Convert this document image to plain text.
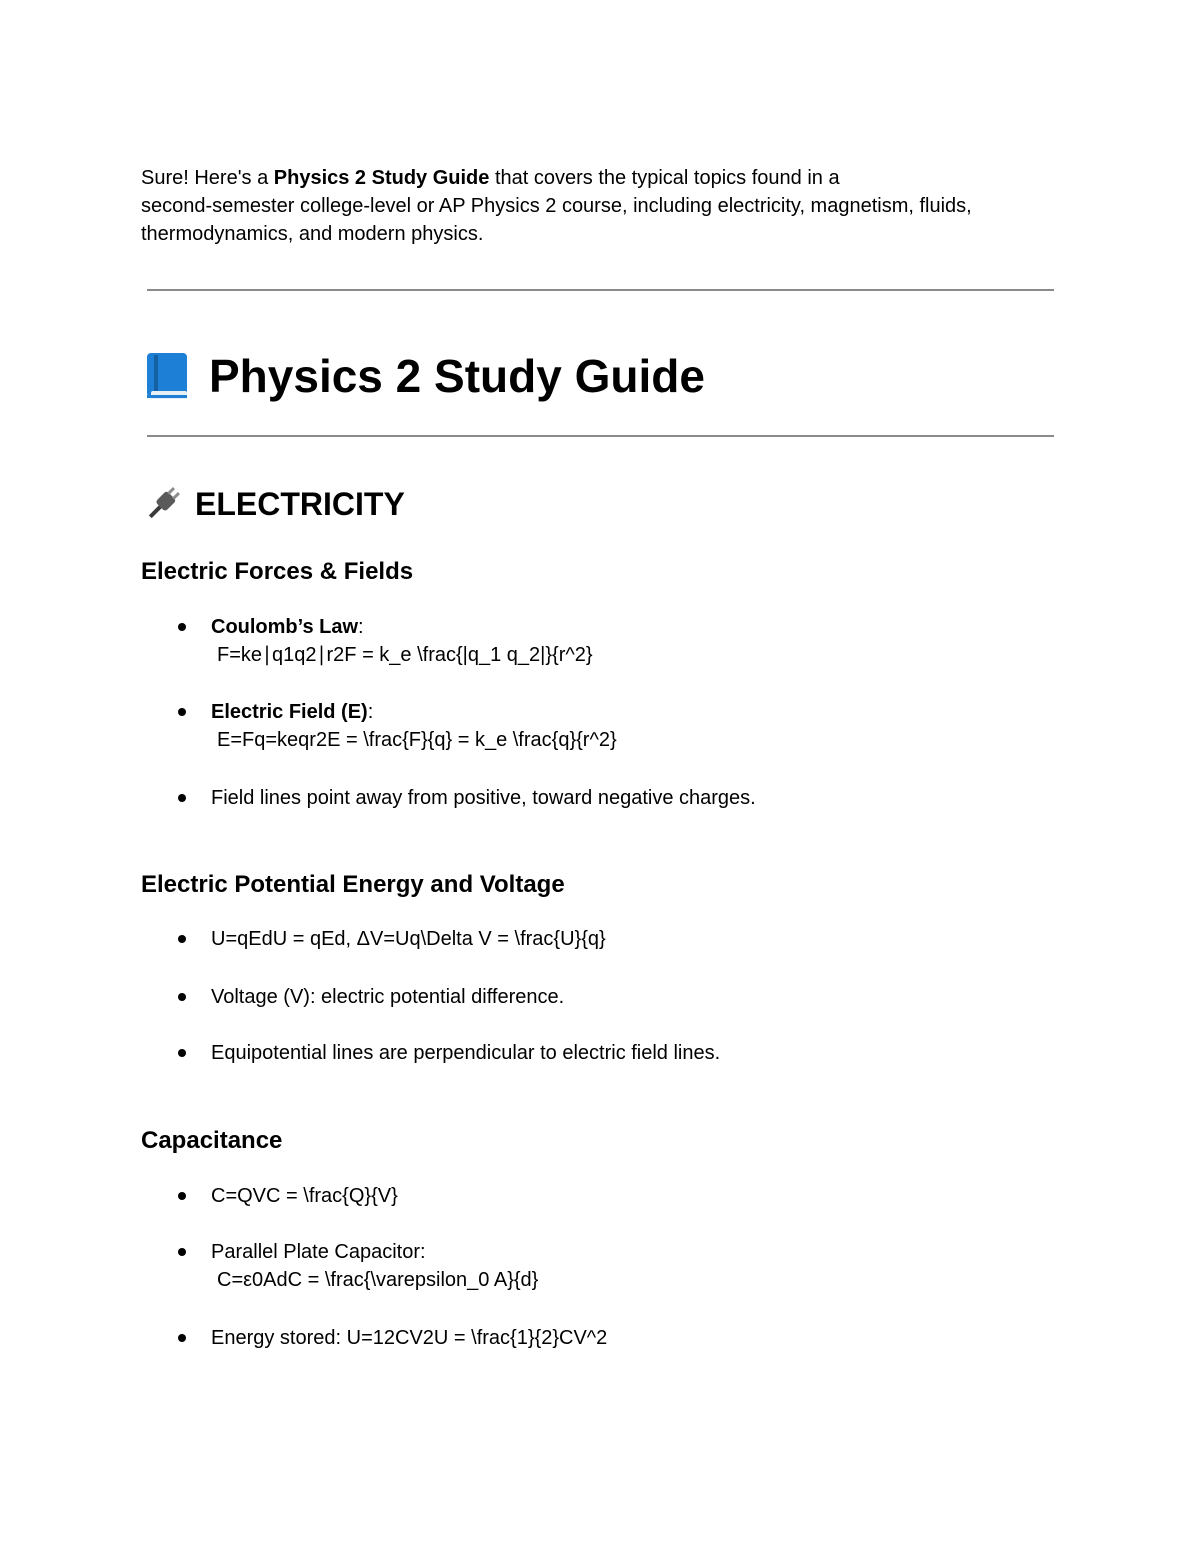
Sure! Here's a Physics 2 Study Guide that covers the typical topics found in a
second-semester college-level or AP Physics 2 course, including electricity, magnetism, fluids,
thermodynamics, and modern physics.
Physics 2 Study Guide
ELECTRICITY
Electric Forces & Fields
Coulomb’s Law:
F=ke∣q1q2∣r2F = k_e \frac{|q_1 q_2|}{r^2}
Electric Field (E):
E=Fq=keqr2E = \frac{F}{q} = k_e \frac{q}{r^2}
Field lines point away from positive, toward negative charges.
Electric Potential Energy and Voltage
U=qEdU = qEd, ΔV=Uq\Delta V = \frac{U}{q}
Voltage (V): electric potential difference.
Equipotential lines are perpendicular to electric field lines.
Capacitance
C=QVC = \frac{Q}{V}
Parallel Plate Capacitor:
C=ε0AdC = \frac{\varepsilon_0 A}{d}
Energy stored: U=12CV2U = \frac{1}{2}CV^2
